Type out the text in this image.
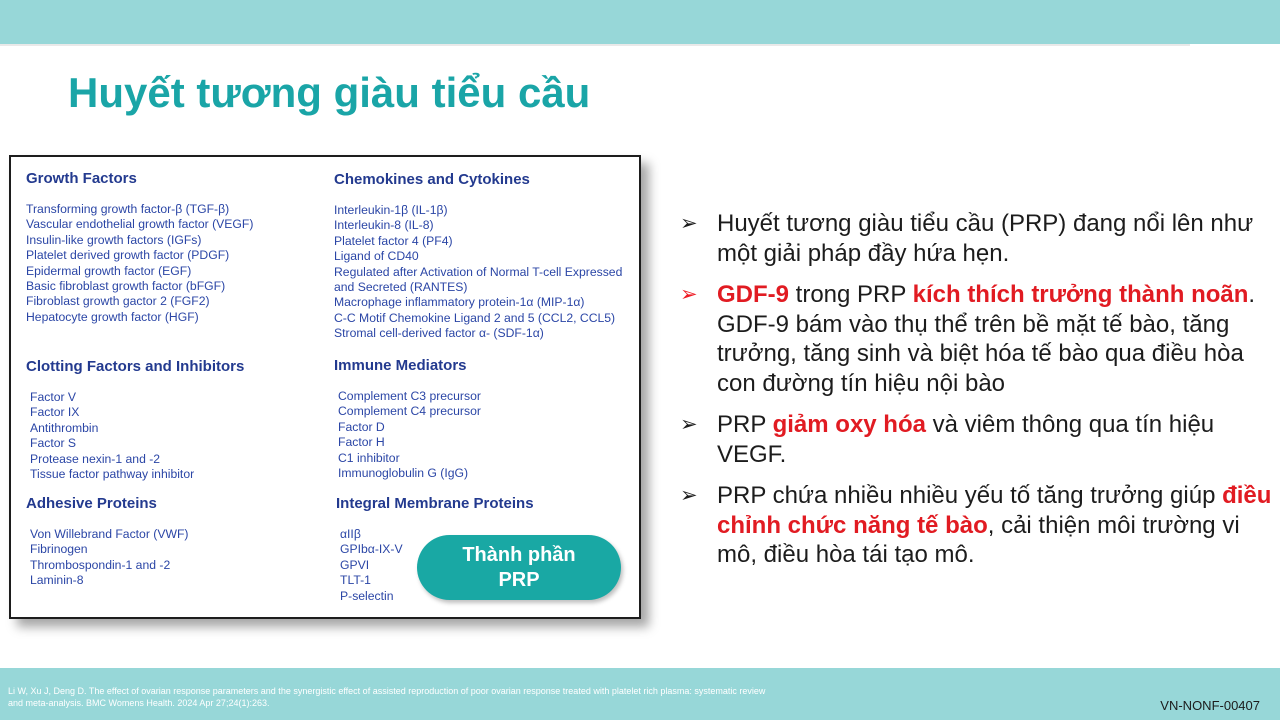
Huyết tương giàu tiểu cầu
Growth Factors
Transforming growth factor-β (TGF-β)
Vascular endothelial growth factor (VEGF)
Insulin-like growth factors (IGFs)
Platelet derived growth factor (PDGF)
Epidermal growth factor (EGF)
Basic fibroblast growth factor (bFGF)
Fibroblast growth gactor 2 (FGF2)
Hepatocyte growth factor (HGF)
Chemokines and Cytokines
Interleukin-1β (IL-1β)
Interleukin-8 (IL-8)
Platelet factor 4 (PF4)
Ligand of CD40
Regulated after Activation of Normal T-cell Expressed
and Secreted (RANTES)
Macrophage inflammatory protein-1α (MIP-1α)
C-C Motif Chemokine Ligand 2 and 5 (CCL2, CCL5)
Stromal cell-derived factor α- (SDF-1α)
Clotting Factors and Inhibitors
Factor V
Factor IX
Antithrombin
Factor S
Protease nexin-1 and -2
Tissue factor pathway inhibitor
Immune Mediators
Complement C3 precursor
Complement C4 precursor
Factor D
Factor H
C1 inhibitor
Immunoglobulin G (IgG)
Adhesive Proteins
Von Willebrand Factor (VWF)
Fibrinogen
Thrombospondin-1 and -2
Laminin-8
Integral Membrane Proteins
αIIβ
GPIbα-IX-V
GPVI
TLT-1
P-selectin
Thành phần
PRP
➢ Huyết tương giàu tiểu cầu (PRP) đang nổi lên như một giải pháp đầy hứa hẹn.
➢ GDF-9 trong PRP kích thích trưởng thành noãn. GDF-9 bám vào thụ thể trên bề mặt tế bào, tăng trưởng, tăng sinh và biệt hóa tế bào qua điều hòa con đường tín hiệu nội bào
➢ PRP giảm oxy hóa và viêm thông qua tín hiệu VEGF.
➢ PRP chứa nhiều nhiều yếu tố tăng trưởng giúp điều chỉnh chức năng tế bào, cải thiện môi trường vi mô, điều hòa tái tạo mô.
Li W, Xu J, Deng D. The effect of ovarian response parameters and the synergistic effect of assisted reproduction of poor ovarian response treated with platelet rich plasma: systematic review and meta-analysis. BMC Womens Health. 2024 Apr 27;24(1):263.	VN-NONF-00407
